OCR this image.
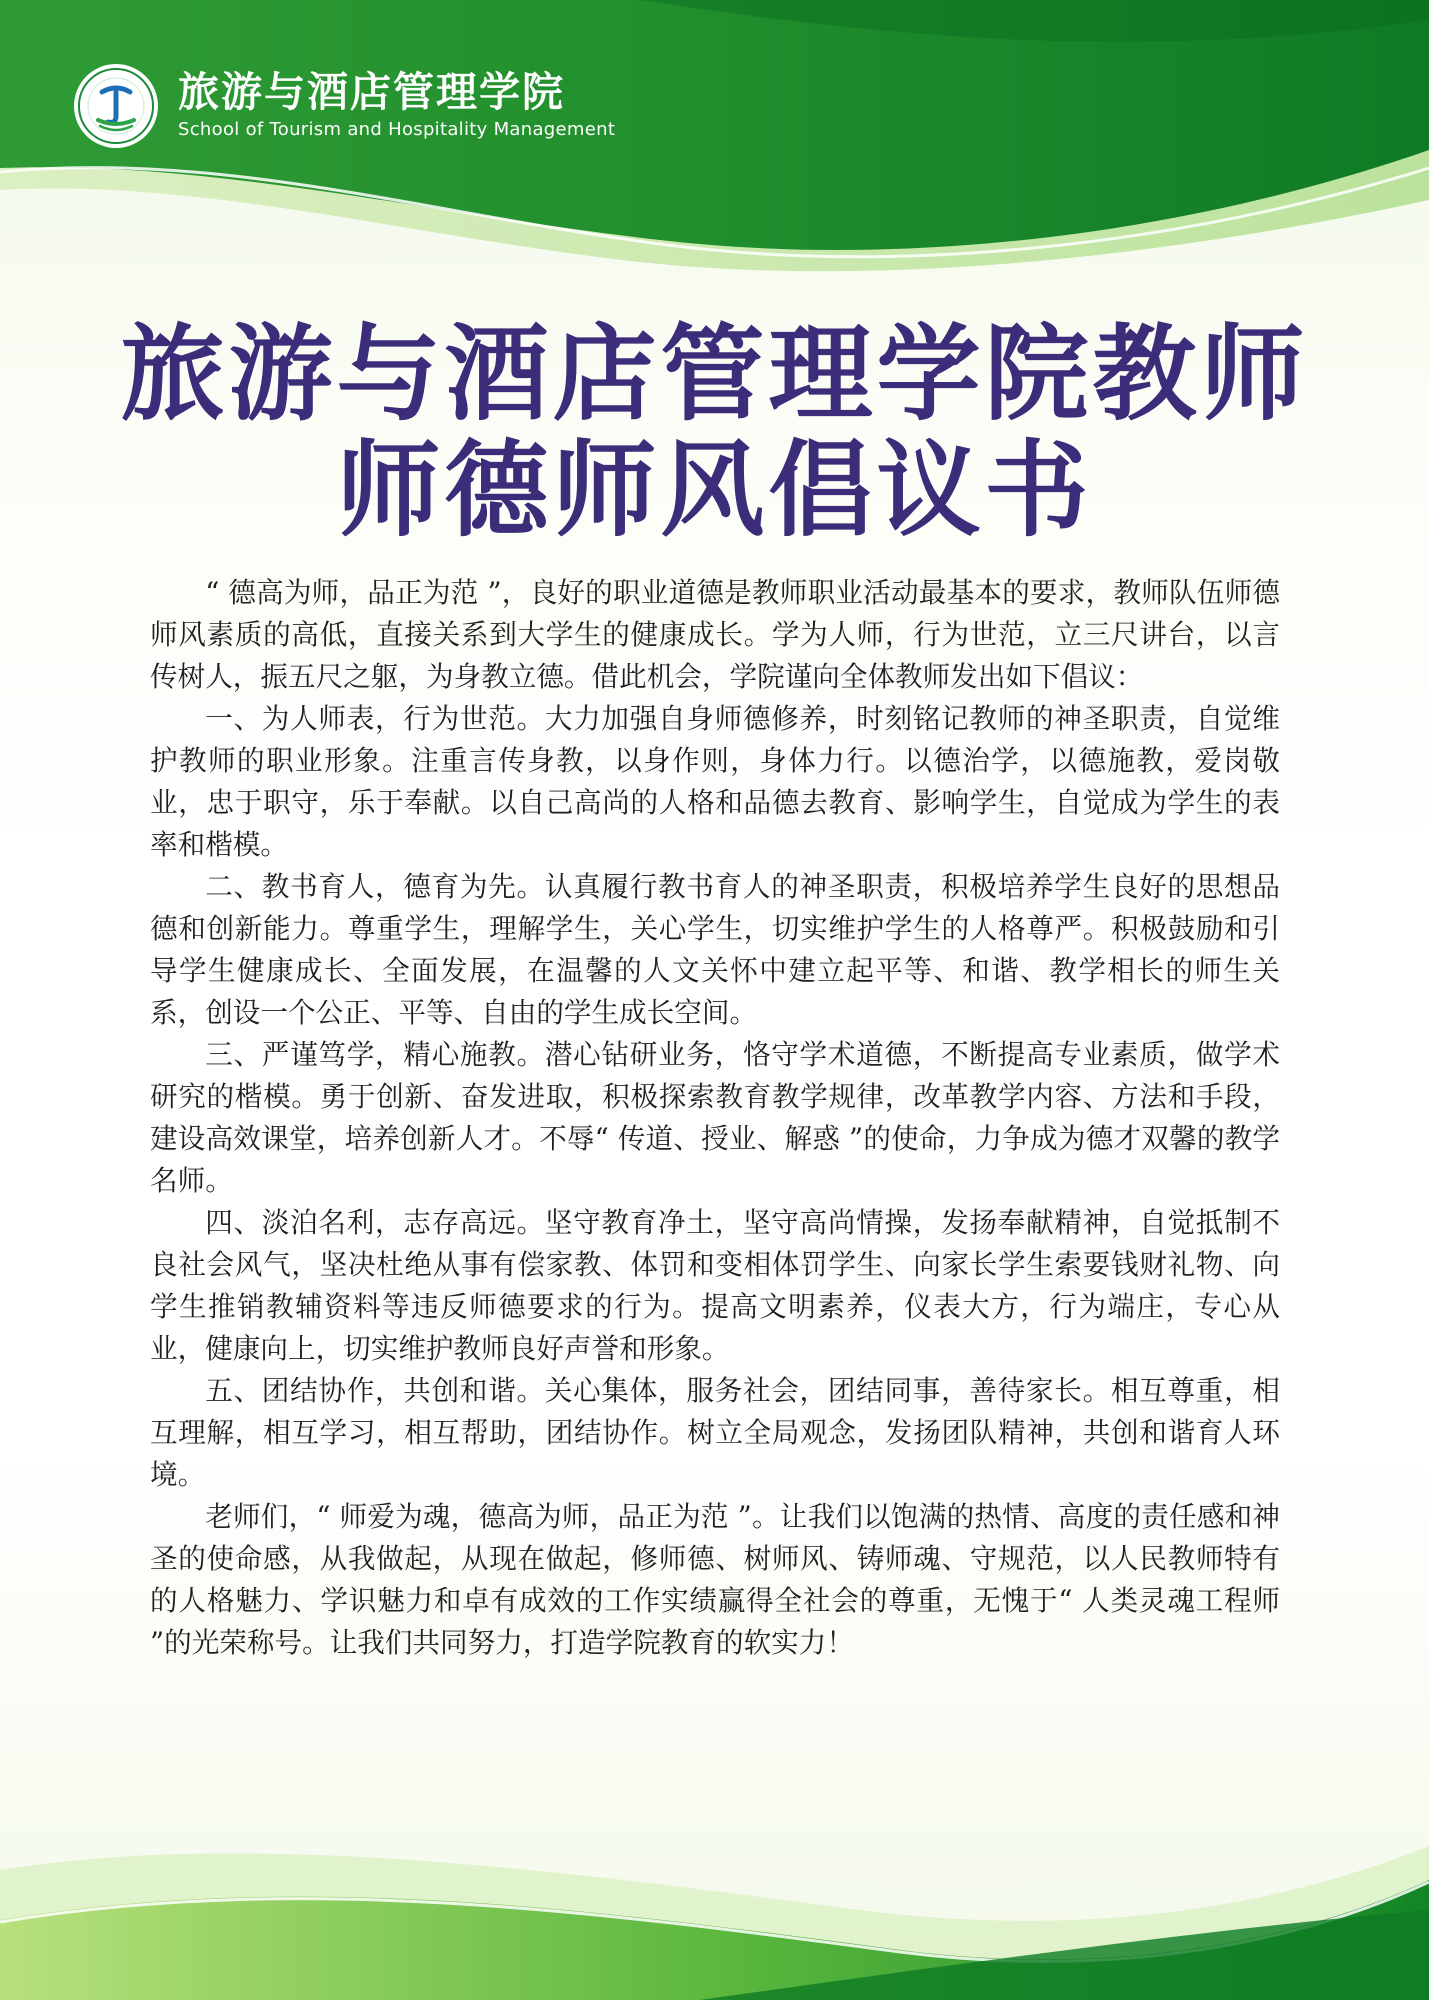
旅游与酒店管理学院
School of Tourism and Hospitality Management
旅游与酒店管理学院教师
师德师风倡议书

“ 德高为师，品正为范 ”，良好的职业道德是教师职业活动最基本的要求，教师队伍师德师风素质的高低，直接关系到大学生的健康成长。学为人师，行为世范，立三尺讲台，以言传树人，振五尺之躯，为身教立德。借此机会，学院谨向全体教师发出如下倡议：

一、为人师表，行为世范。大力加强自身师德修养，时刻铭记教师的神圣职责，自觉维护教师的职业形象。注重言传身教，以身作则，身体力行。以德治学，以德施教，爱岗敬业，忠于职守，乐于奉献。以自己高尚的人格和品德去教育、影响学生，自觉成为学生的表率和楷模。

二、教书育人，德育为先。认真履行教书育人的神圣职责，积极培养学生良好的思想品德和创新能力。尊重学生，理解学生，关心学生，切实维护学生的人格尊严。积极鼓励和引导学生健康成长、全面发展，在温馨的人文关怀中建立起平等、和谐、教学相长的师生关系，创设一个公正、平等、自由的学生成长空间。

三、严谨笃学，精心施教。潜心钻研业务，恪守学术道德，不断提高专业素质，做学术研究的楷模。勇于创新、奋发进取，积极探索教育教学规律，改革教学内容、方法和手段，建设高效课堂，培养创新人才。不辱“ 传道、授业、解惑 ”的使命，力争成为德才双馨的教学名师。

四、淡泊名利，志存高远。坚守教育净土，坚守高尚情操，发扬奉献精神，自觉抵制不良社会风气，坚决杜绝从事有偿家教、体罚和变相体罚学生、向家长学生索要钱财礼物、向学生推销教辅资料等违反师德要求的行为。提高文明素养，仪表大方，行为端庄，专心从业，健康向上，切实维护教师良好声誉和形象。

五、团结协作，共创和谐。关心集体，服务社会，团结同事，善待家长。相互尊重，相互理解，相互学习，相互帮助，团结协作。树立全局观念，发扬团队精神，共创和谐育人环境。

老师们，“ 师爱为魂，德高为师，品正为范 ”。让我们以饱满的热情、高度的责任感和神圣的使命感，从我做起，从现在做起，修师德、树师风、铸师魂、守规范，以人民教师特有的人格魅力、学识魅力和卓有成效的工作实绩赢得全社会的尊重，无愧于“ 人类灵魂工程师 ”的光荣称号。让我们共同努力，打造学院教育的软实力！
